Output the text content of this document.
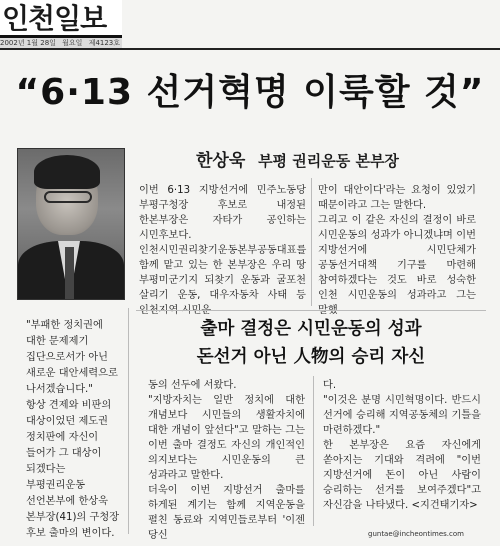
인천일보
2002년 1월 28일 월요일 제4123호
“6·13 선거혁명 이룩할 것”
한상욱 부평 권리운동 본부장
이번 6·13 지방선거에 민주노동당 부평구청장 후보로 내정된 한본부장은 자타가 공인하는 시민후보다. 인천시민권리찾기운동본부공동대표를 함께 맡고 있는 한 본부장은 우리 땅 부평미군기지 되찾기 운동과 굴포천 살리기 운동, 대우자동차 사태 등 인천지역 시민운
만이 대안이다'라는 요청이 있었기 때문이라고 그는 말한다.
그리고 이 같은 자신의 결정이 바로 시민운동의 성과가 아니겠냐며 이번 지방선거에 시민단체가 공동선거대책 기구를 마련해 참여하겠다는 것도 바로 성숙한 인천 시민운동의 성과라고 그는 말했
출마 결정은 시민운동의 성과
돈선거 아닌 人物의 승리 자신
"부패한 정치권에 대한 문제제기 집단으로서가 아닌 새로운 대안세력으로 나서겠습니다."
항상 견제와 비판의 대상이었던 제도권 정치판에 자신이 들어가 그 대상이 되겠다는 부평권리운동 선언본부에 한상욱 본부장(41)의 구청장 후보 출마의 변이다.
동의 선두에 서왔다.
"지방자치는 일반 정치에 대한 개념보다 시민들의 생활자치에 대한 개념이 앞선다"고 말하는 그는 이번 출마 결정도 자신의 개인적인 의지보다는 시민운동의 큰 성과라고 말한다.
더욱이 이번 지방선거 출마를 하게된 계기는 함께 지역운동을 펼친 동료와 지역민들로부터 '이젠 당신
다.
"이것은 분명 시민혁명이다. 반드시 선거에 승리해 지역공동체의 기틀을 마련하겠다."
한 본부장은 요즘 자신에게 쏟아지는 기대와 격려에 "이번 지방선거에 돈이 아닌 사람이 승리하는 선거를 보여주겠다"고 자신감을 나타냈다. <지건태기자>
guntae@incheontimes.com
